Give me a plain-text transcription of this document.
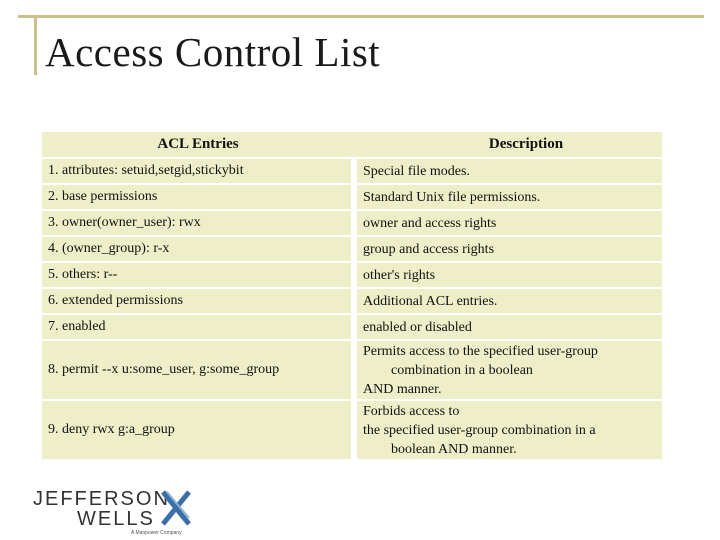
Access Control List
ACL Entries	Description
1. attributes: setuid,setgid,stickybit	Special file modes.

2. base permissions	Standard Unix file permissions.

3. owner(owner_user): rwx	owner and access rights

4. (owner_group): r-x	group and access rights

5. others: r--	other's rights

6. extended permissions	Additional ACL entries.

7. enabled	enabled or disabled

8. permit --x u:some_user, g:some_group	Permits access to the specified user-group
combination in a boolean
AND manner.

9. deny rwx g:a_group	Forbids access to
the specified user-group combination in a
boolean AND manner.
JEFFERSON
WELLS
A Manpower Company
